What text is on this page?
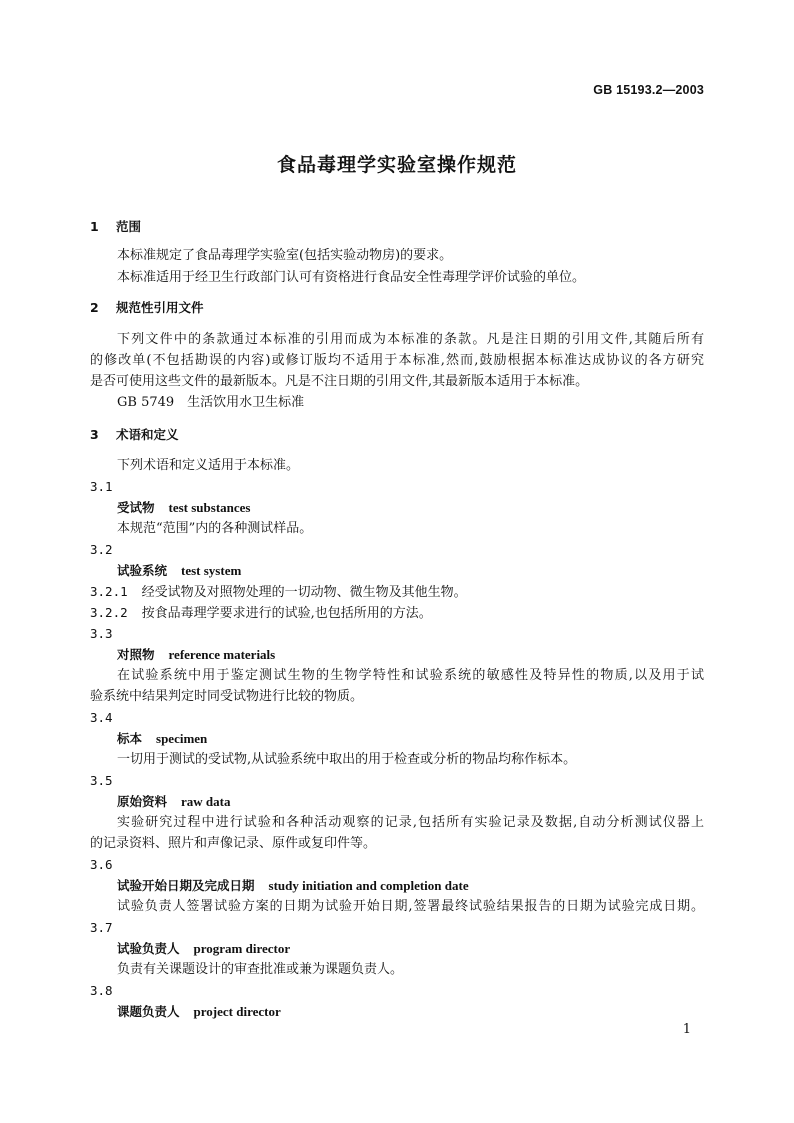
GB 15193.2—2003
食品毒理学实验室操作规范
1 范围
本标准规定了食品毒理学实验室(包括实验动物房)的要求。
本标准适用于经卫生行政部门认可有资格进行食品安全性毒理学评价试验的单位。
2 规范性引用文件
下列文件中的条款通过本标准的引用而成为本标准的条款。凡是注日期的引用文件,其随后所有
的修改单(不包括勘误的内容)或修订版均不适用于本标准,然而,鼓励根据本标准达成协议的各方研究
是否可使用这些文件的最新版本。凡是不注日期的引用文件,其最新版本适用于本标准。
GB 5749　生活饮用水卫生标准
3 术语和定义
下列术语和定义适用于本标准。
3.1
受试物 test substances
本规范“范围”内的各种测试样品。
3.2
试验系统 test system
3.2.1 经受试物及对照物处理的一切动物、微生物及其他生物。
3.2.2 按食品毒理学要求进行的试验,也包括所用的方法。
3.3
对照物 reference materials
在试验系统中用于鉴定测试生物的生物学特性和试验系统的敏感性及特异性的物质,以及用于试
验系统中结果判定时同受试物进行比较的物质。
3.4
标本 specimen
一切用于测试的受试物,从试验系统中取出的用于检查或分析的物品均称作标本。
3.5
原始资料 raw data
实验研究过程中进行试验和各种活动观察的记录,包括所有实验记录及数据,自动分析测试仪器上
的记录资料、照片和声像记录、原件或复印件等。
3.6
试验开始日期及完成日期 study initiation and completion date
试验负责人签署试验方案的日期为试验开始日期,签署最终试验结果报告的日期为试验完成日期。
3.7
试验负责人 program director
负责有关课题设计的审查批准或兼为课题负责人。
3.8
课题负责人 project director
1
